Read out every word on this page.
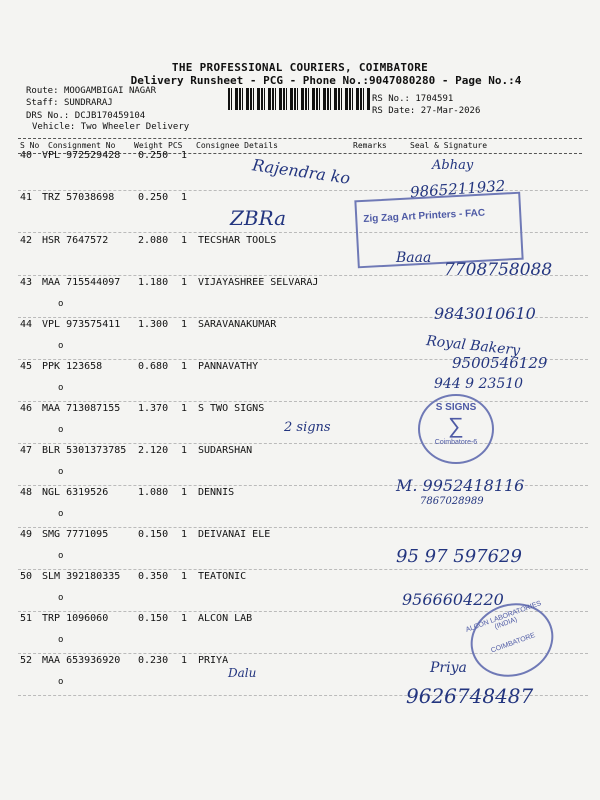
THE PROFESSIONAL COURIERS, COIMBATORE
Delivery Runsheet - PCG - Phone No.:9047080280 - Page No.:4
Route: MOOGAMBIGAI NAGAR
Staff: SUNDRARAJ
DRS No.: DCJB170459104
Vehicle: Two Wheeler Delivery
RS No.: 1704591
RS Date: 27-Mar-2026
S No Consignment No Weight PCS Consignee Details	Remarks	Seal & Signature
40 VPL 972529428 0.250 1
41 TRZ 57038698 0.250 1
42 HSR 7647572	2.080 1 TECSHAR TOOLS
43 MAA 715544097 1.180 1 VIJAYASHREE SELVARAJ
o
44 VPL 973575411 1.300 1 SARAVANAKUMAR
o
45 PPK 123658	0.680 1 PANNAVATHY
o
46 MAA 713087155 1.370 1 S TWO SIGNS
o
47 BLR 5301373785 2.120 1 SUDARSHAN
o
48 NGL 6319526	1.080 1 DENNIS
o
49 SMG 7771095	0.150 1 DEIVANAI ELE
o
50 SLM 392180335 0.350 1 TEATONIC
o
51 TRP 1096060	0.150 1 ALCON LAB
o
52 MAA 653936920 0.230 1 PRIYA
o
Zig Zag Art Printers - FAC
S SIGNS
∑
Coimbatore-6
ALCON LABORATORIES (INDIA)
COIMBATORE
Rajendra ko	Abhay
9865211932
ZBRa
Baaa
7708758088
9843010610
Royal Bakery
9500546129
944 9 23510
2 signs
M. 9952418116
7867028989
95 97 597629
9566604220
Priya
9626748487
Dalu
